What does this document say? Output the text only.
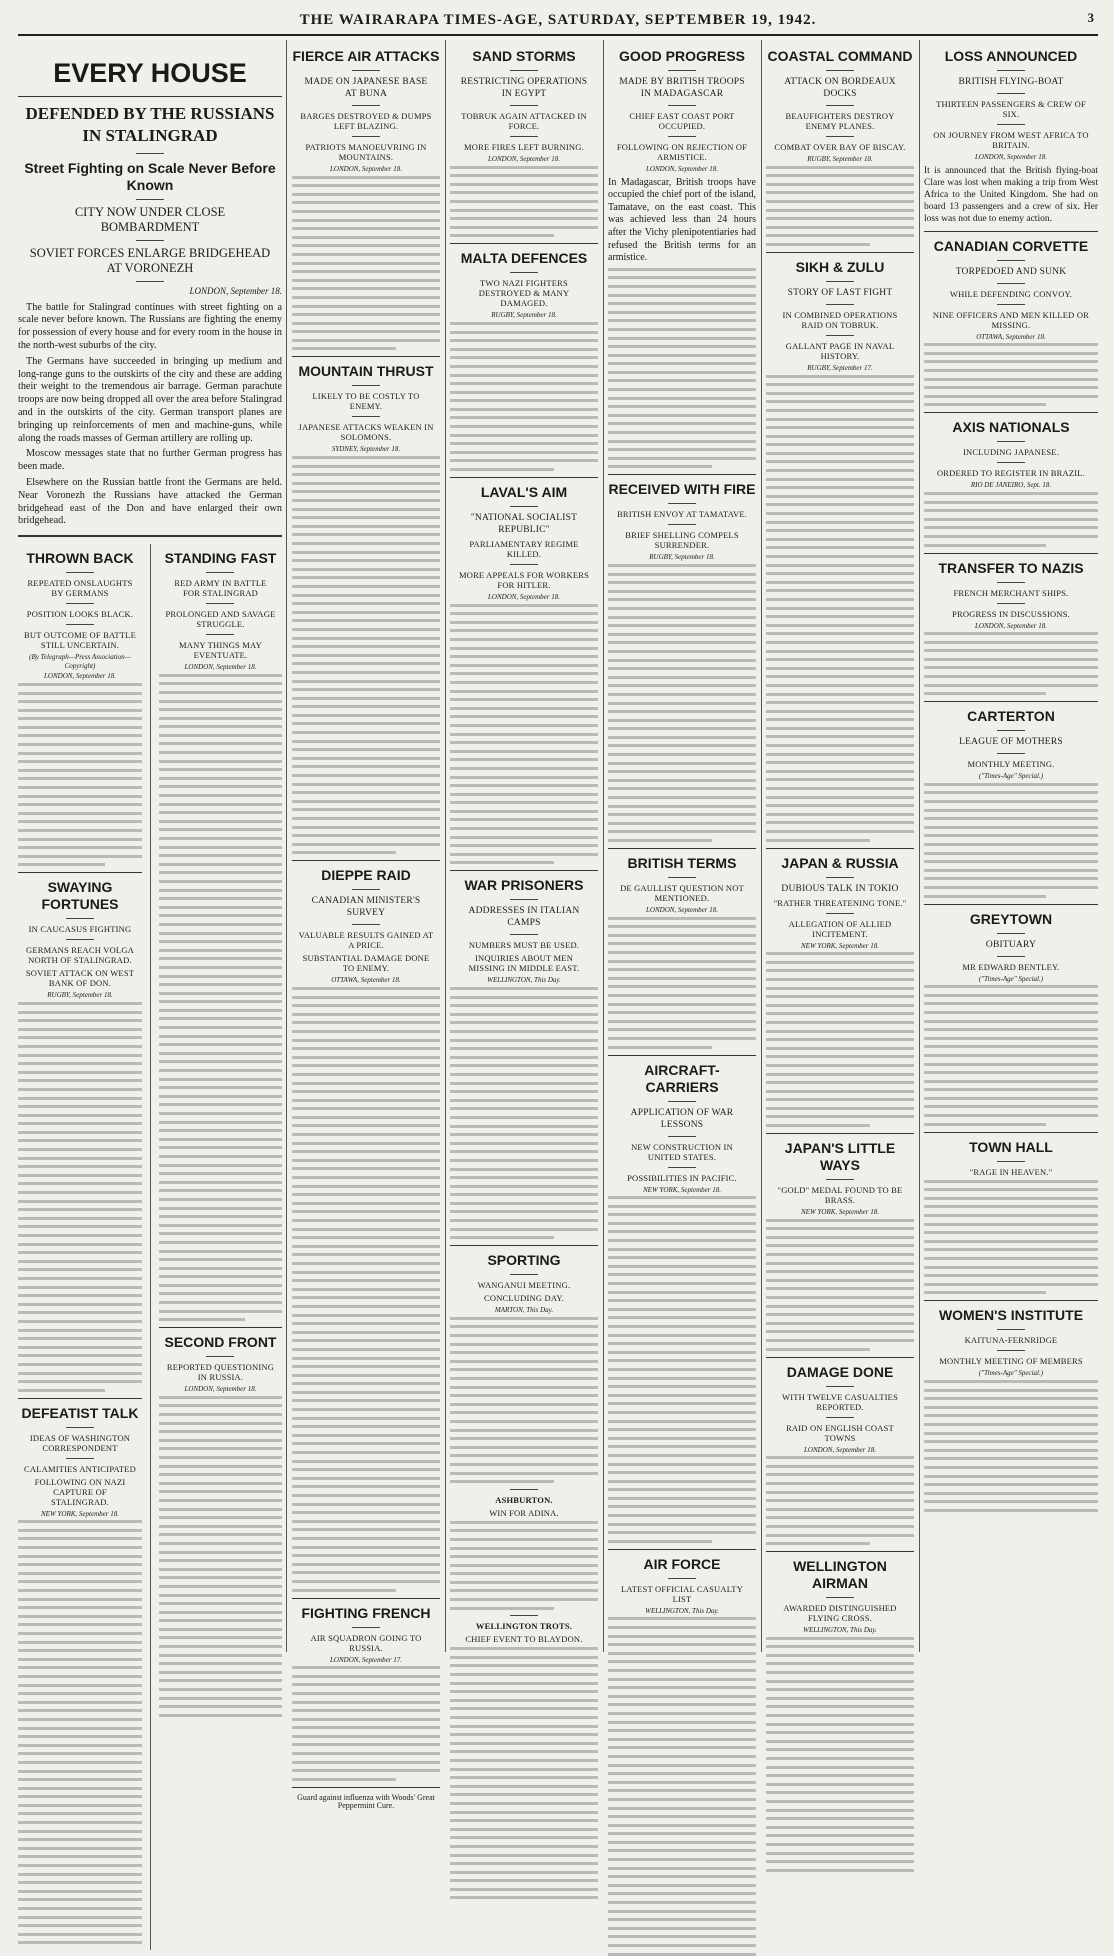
THE WAIRARAPA TIMES-AGE, SATURDAY, SEPTEMBER 19, 1942.	3
EVERY HOUSE
DEFENDED BY THE RUSSIANS IN STALINGRAD
Street Fighting on Scale Never Before Known
CITY NOW UNDER CLOSE BOMBARDMENT
SOVIET FORCES ENLARGE BRIDGEHEAD AT VORONEZH
LONDON, September 18.

The battle for Stalingrad continues with street fighting on a scale never before known. The Russians are fighting the enemy for possession of every house and for every room in the house in the north-west suburbs of the city.

The Germans have succeeded in bringing up medium and long-range guns to the outskirts of the city and these are adding their weight to the tremendous air barrage. German parachute troops are now being dropped all over the area before Stalingrad and in the outskirts of the city. German transport planes are bringing up reinforcements of men and machine-guns, while along the roads masses of German artillery are rolling up.

Moscow messages state that no further German progress has been made.

Elsewhere on the Russian battle front the Germans are held. Near Voronezh the Russians have attacked the German bridgehead east of the Don and have enlarged their own bridgehead.

THROWN BACK
REPEATED ONSLAUGHTS BY GERMANS
POSITION LOOKS BLACK.
BUT OUTCOME OF BATTLE STILL UNCERTAIN.
(By Telegraph—Press Association—Copyright)
LONDON, September 18.
SWAYING FORTUNES
IN CAUCASUS FIGHTING
GERMANS REACH VOLGA NORTH OF STALINGRAD.
SOVIET ATTACK ON WEST BANK OF DON.
RUGBY, September 18.
DEFEATIST TALK
IDEAS OF WASHINGTON CORRESPONDENT
CALAMITIES ANTICIPATED
FOLLOWING ON NAZI CAPTURE OF STALINGRAD.
NEW YORK, September 18.
STANDING FAST
RED ARMY IN BATTLE FOR STALINGRAD
PROLONGED AND SAVAGE STRUGGLE.
MANY THINGS MAY EVENTUATE.
LONDON, September 18.
SECOND FRONT
REPORTED QUESTIONING IN RUSSIA.
LONDON, September 18.
FIERCE AIR ATTACKS
MADE ON JAPANESE BASE AT BUNA
BARGES DESTROYED & DUMPS LEFT BLAZING.
PATRIOTS MANOEUVRING IN MOUNTAINS.
LONDON, September 18.
MOUNTAIN THRUST
LIKELY TO BE COSTLY TO ENEMY.
JAPANESE ATTACKS WEAKEN IN SOLOMONS.
SYDNEY, September 18.
DIEPPE RAID
CANADIAN MINISTER'S SURVEY
VALUABLE RESULTS GAINED AT A PRICE.
SUBSTANTIAL DAMAGE DONE TO ENEMY.
OTTAWA, September 18.
FIGHTING FRENCH
AIR SQUADRON GOING TO RUSSIA.
LONDON, September 17.
Guard against influenza with Woods' Great Peppermint Cure.
SAND STORMS
RESTRICTING OPERATIONS IN EGYPT
TOBRUK AGAIN ATTACKED IN FORCE.
MORE FIRES LEFT BURNING.
LONDON, September 18.
MALTA DEFENCES
TWO NAZI FIGHTERS DESTROYED & MANY DAMAGED.
RUGBY, September 18.
LAVAL'S AIM
"NATIONAL SOCIALIST REPUBLIC"
PARLIAMENTARY REGIME KILLED.
MORE APPEALS FOR WORKERS FOR HITLER.
LONDON, September 18.
WAR PRISONERS
ADDRESSES IN ITALIAN CAMPS
NUMBERS MUST BE USED.
INQUIRIES ABOUT MEN MISSING IN MIDDLE EAST.
WELLINGTON, This Day.
SPORTING
WANGANUI MEETING.
CONCLUDING DAY.
MARTON, This Day.
ASHBURTON.
WIN FOR ADINA.
WELLINGTON TROTS.
CHIEF EVENT TO BLAYDON.
GOOD PROGRESS
MADE BY BRITISH TROOPS IN MADAGASCAR
CHIEF EAST COAST PORT OCCUPIED.
FOLLOWING ON REJECTION OF ARMISTICE.
LONDON, September 18.
In Madagascar, British troops have occupied the chief port of the island, Tamatave, on the east coast. This was achieved less than 24 hours after the Vichy plenipotentiaries had refused the British terms for an armistice.
RECEIVED WITH FIRE
BRITISH ENVOY AT TAMATAVE.
BRIEF SHELLING COMPELS SURRENDER.
RUGBY, September 18.
BRITISH TERMS
DE GAULLIST QUESTION NOT MENTIONED.
LONDON, September 18.
AIRCRAFT-CARRIERS
APPLICATION OF WAR LESSONS
NEW CONSTRUCTION IN UNITED STATES.
POSSIBILITIES IN PACIFIC.
NEW YORK, September 18.
AIR FORCE
LATEST OFFICIAL CASUALTY LIST
WELLINGTON, This Day.
COASTAL COMMAND
ATTACK ON BORDEAUX DOCKS
BEAUFIGHTERS DESTROY ENEMY PLANES.
COMBAT OVER BAY OF BISCAY.
RUGBY, September 18.
SIKH & ZULU
STORY OF LAST FIGHT
IN COMBINED OPERATIONS RAID ON TOBRUK.
GALLANT PAGE IN NAVAL HISTORY.
RUGBY, September 17.
JAPAN & RUSSIA
DUBIOUS TALK IN TOKIO
"RATHER THREATENING TONE."
ALLEGATION OF ALLIED INCITEMENT.
NEW YORK, September 18.
JAPAN'S LITTLE WAYS
"GOLD" MEDAL FOUND TO BE BRASS.
NEW YORK, September 18.
DAMAGE DONE
WITH TWELVE CASUALTIES REPORTED.
RAID ON ENGLISH COAST TOWNS
LONDON, September 18.
WELLINGTON AIRMAN
AWARDED DISTINGUISHED FLYING CROSS.
WELLINGTON, This Day.
LOSS ANNOUNCED
BRITISH FLYING-BOAT
THIRTEEN PASSENGERS & CREW OF SIX.
ON JOURNEY FROM WEST AFRICA TO BRITAIN.
LONDON, September 18.
It is announced that the British flying-boat Clare was lost when making a trip from West Africa to the United Kingdom. She had on board 13 passengers and a crew of six. Her loss was not due to enemy action.
CANADIAN CORVETTE
TORPEDOED AND SUNK
WHILE DEFENDING CONVOY.
NINE OFFICERS AND MEN KILLED OR MISSING.
OTTAWA, September 18.
AXIS NATIONALS
INCLUDING JAPANESE.
ORDERED TO REGISTER IN BRAZIL.
RIO DE JANEIRO, Sept. 18.
TRANSFER TO NAZIS
FRENCH MERCHANT SHIPS.
PROGRESS IN DISCUSSIONS.
LONDON, September 18.
CARTERTON
LEAGUE OF MOTHERS
MONTHLY MEETING.
("Times-Age" Special.)
GREYTOWN
OBITUARY
MR EDWARD BENTLEY.
("Times-Age" Special.)
TOWN HALL
"RAGE IN HEAVEN."
WOMEN'S INSTITUTE
KAITUNA-FERNRIDGE
MONTHLY MEETING OF MEMBERS
("Times-Age" Special.)
